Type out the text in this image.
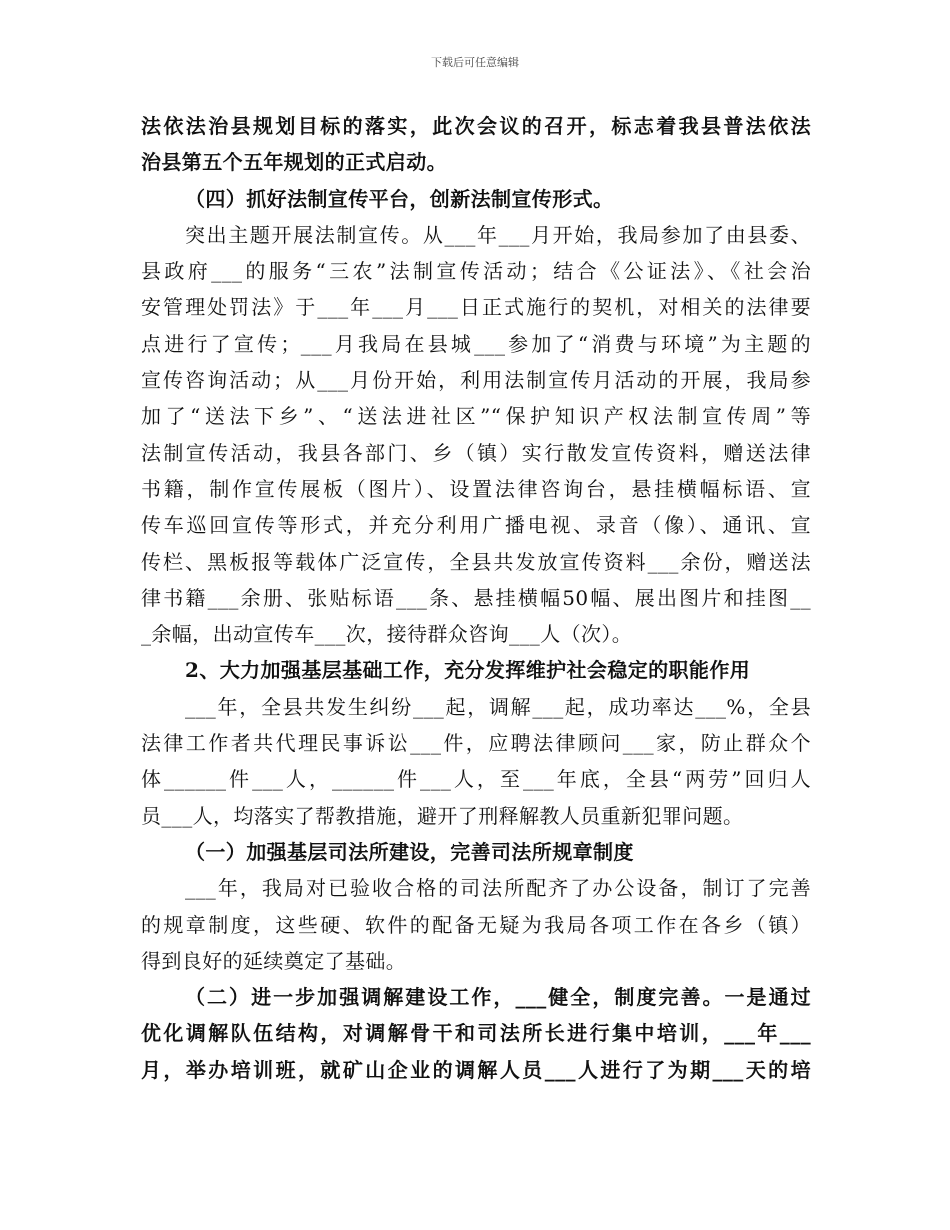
下载后可任意编辑
法依法治县规划目标的落实，此次会议的召开，标志着我县普法依法
治县第五个五年规划的正式启动。
（四）抓好法制宣传平台，创新法制宣传形式。
突出主题开展法制宣传。从___年___月开始，我局参加了由县委、
县政府___的服务“三农”法制宣传活动；结合《公证法》、《社会治
安管理处罚法》于___年___月___日正式施行的契机，对相关的法律要
点进行了宣传；___月我局在县城___参加了“消费与环境”为主题的
宣传咨询活动；从___月份开始，利用法制宣传月活动的开展，我局参
加了“送法下乡”、“送法进社区”“保护知识产权法制宣传周”等
法制宣传活动，我县各部门、乡（镇）实行散发宣传资料，赠送法律
书籍，制作宣传展板（图片）、设置法律咨询台，悬挂横幅标语、宣
传车巡回宣传等形式，并充分利用广播电视、录音（像）、通讯、宣
传栏、黑板报等载体广泛宣传，全县共发放宣传资料___余份，赠送法
律书籍___余册、张贴标语___条、悬挂横幅50幅、展出图片和挂图__
_余幅，出动宣传车___次，接待群众咨询___人（次）。
2、大力加强基层基础工作，充分发挥维护社会稳定的职能作用
___年，全县共发生纠纷___起，调解___起，成功率达___%，全县
法律工作者共代理民事诉讼___件，应聘法律顾问___家，防止群众个
体______件___人，______件___人，至___年底，全县“两劳”回归人
员___人，均落实了帮教措施，避开了刑释解教人员重新犯罪问题。
（一）加强基层司法所建设，完善司法所规章制度
___年，我局对已验收合格的司法所配齐了办公设备，制订了完善
的规章制度，这些硬、软件的配备无疑为我局各项工作在各乡（镇）
得到良好的延续奠定了基础。
（二）进一步加强调解建设工作，___健全，制度完善。一是通过
优化调解队伍结构，对调解骨干和司法所长进行集中培训，___年___
月，举办培训班，就矿山企业的调解人员___人进行了为期___天的培
